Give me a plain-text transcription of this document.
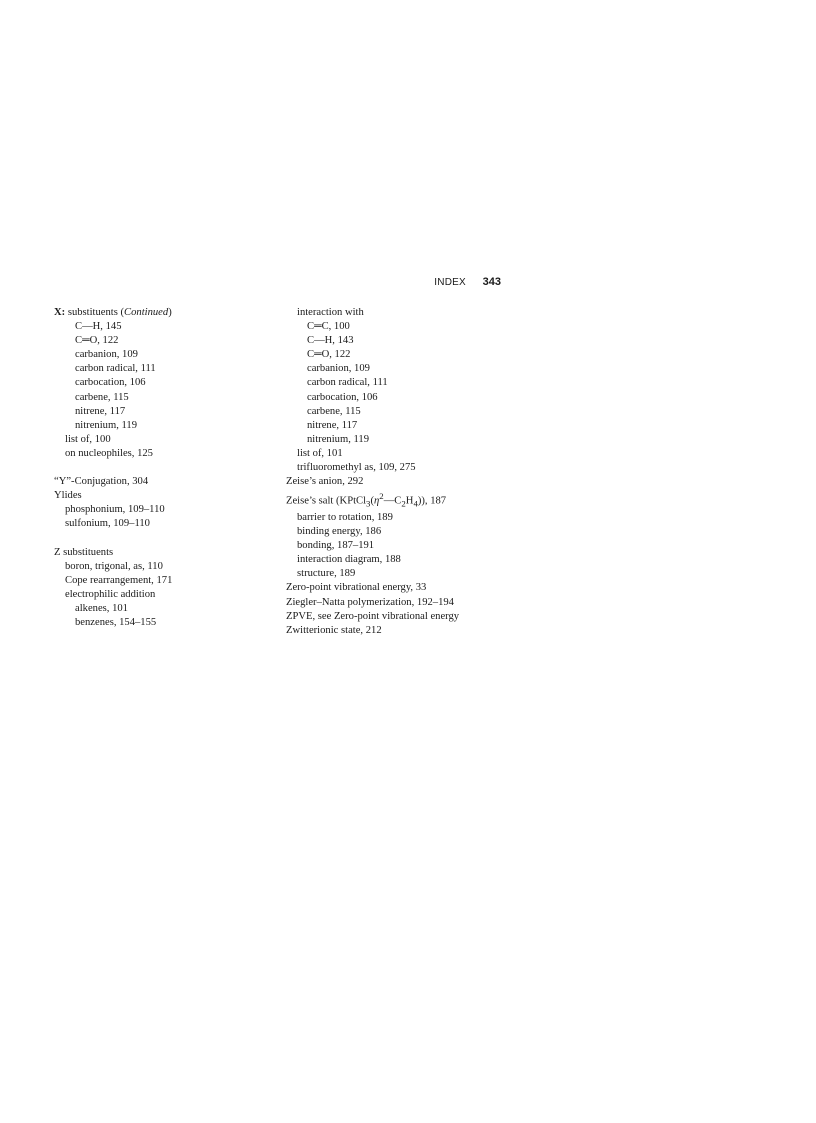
INDEX 343
X: substituents (Continued)
C—H, 145
C═O, 122
carbanion, 109
carbon radical, 111
carbocation, 106
carbene, 115
nitrene, 117
nitrenium, 119
list of, 100
on nucleophiles, 125
“Y”-Conjugation, 304
Ylides
phosphonium, 109–110
sulfonium, 109–110
Z substituents
boron, trigonal, as, 110
Cope rearrangement, 171
electrophilic addition
alkenes, 101
benzenes, 154–155
interaction with
C═C, 100
C—H, 143
C═O, 122
carbanion, 109
carbon radical, 111
carbocation, 106
carbene, 115
nitrene, 117
nitrenium, 119
list of, 101
trifluoromethyl as, 109, 275
Zeise’s anion, 292
Zeise’s salt $(KPtCl_3(\eta^2—C_2H_4))$, 187
barrier to rotation, 189
binding energy, 186
bonding, 187–191
interaction diagram, 188
structure, 189
Zero-point vibrational energy, 33
Ziegler–Natta polymerization, 192–194
ZPVE, see Zero-point vibrational energy
Zwitterionic state, 212
